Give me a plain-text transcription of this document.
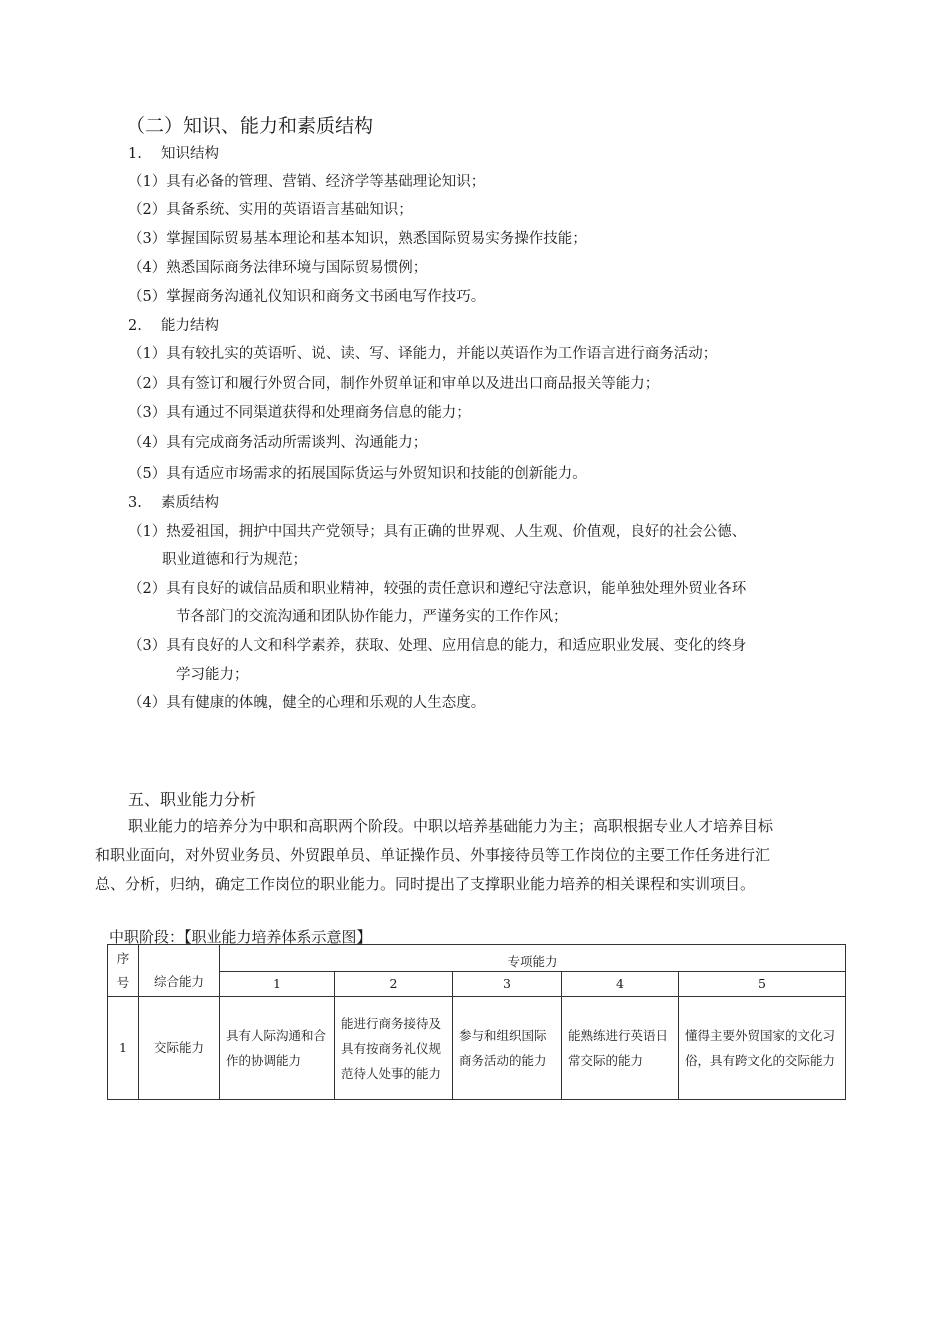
（二）知识、能力和素质结构
1.　 知识结构
（1）具有必备的管理、营销、经济学等基础理论知识；
（2）具备系统、实用的英语语言基础知识；
（3）掌握国际贸易基本理论和基本知识，熟悉国际贸易实务操作技能；
（4）熟悉国际商务法律环境与国际贸易惯例；
（5）掌握商务沟通礼仪知识和商务文书函电写作技巧。
2.　 能力结构
（1）具有较扎实的英语听、说、读、写、译能力，并能以英语作为工作语言进行商务活动；
（2）具有签订和履行外贸合同，制作外贸单证和审单以及进出口商品报关等能力；
（3）具有通过不同渠道获得和处理商务信息的能力；
（4）具有完成商务活动所需谈判、沟通能力；
（5）具有适应市场需求的拓展国际货运与外贸知识和技能的创新能力。
3.　 素质结构
（1）热爱祖国，拥护中国共产党领导；具有正确的世界观、人生观、价值观，良好的社会公德、
职业道德和行为规范；
（2）具有良好的诚信品质和职业精神，较强的责任意识和遵纪守法意识，能单独处理外贸业各环
节各部门的交流沟通和团队协作能力，严谨务实的工作作风；
（3）具有良好的人文和科学素养，获取、处理、应用信息的能力，和适应职业发展、变化的终身
学习能力；
（4）具有健康的体魄，健全的心理和乐观的人生态度。
五、职业能力分析
职业能力的培养分为中职和高职两个阶段。中职以培养基础能力为主；高职根据专业人才培养目标
和职业面向，对外贸业务员、外贸跟单员、单证操作员、外事接待员等工作岗位的主要工作任务进行汇
总、分析，归纳，确定工作岗位的职业能力。同时提出了支撑职业能力培养的相关课程和实训项目。
中职阶段：【职业能力培养体系示意图】
序
号	综合能力	专项能力				
		1	2	3	4	5
1	交际能力	具有人际沟通和合作的协调能力	能进行商务接待及具有按商务礼仪规范待人处事的能力	参与和组织国际商务活动的能力	能熟练进行英语日常交际的能力	懂得主要外贸国家的文化习俗，具有跨文化的交际能力
